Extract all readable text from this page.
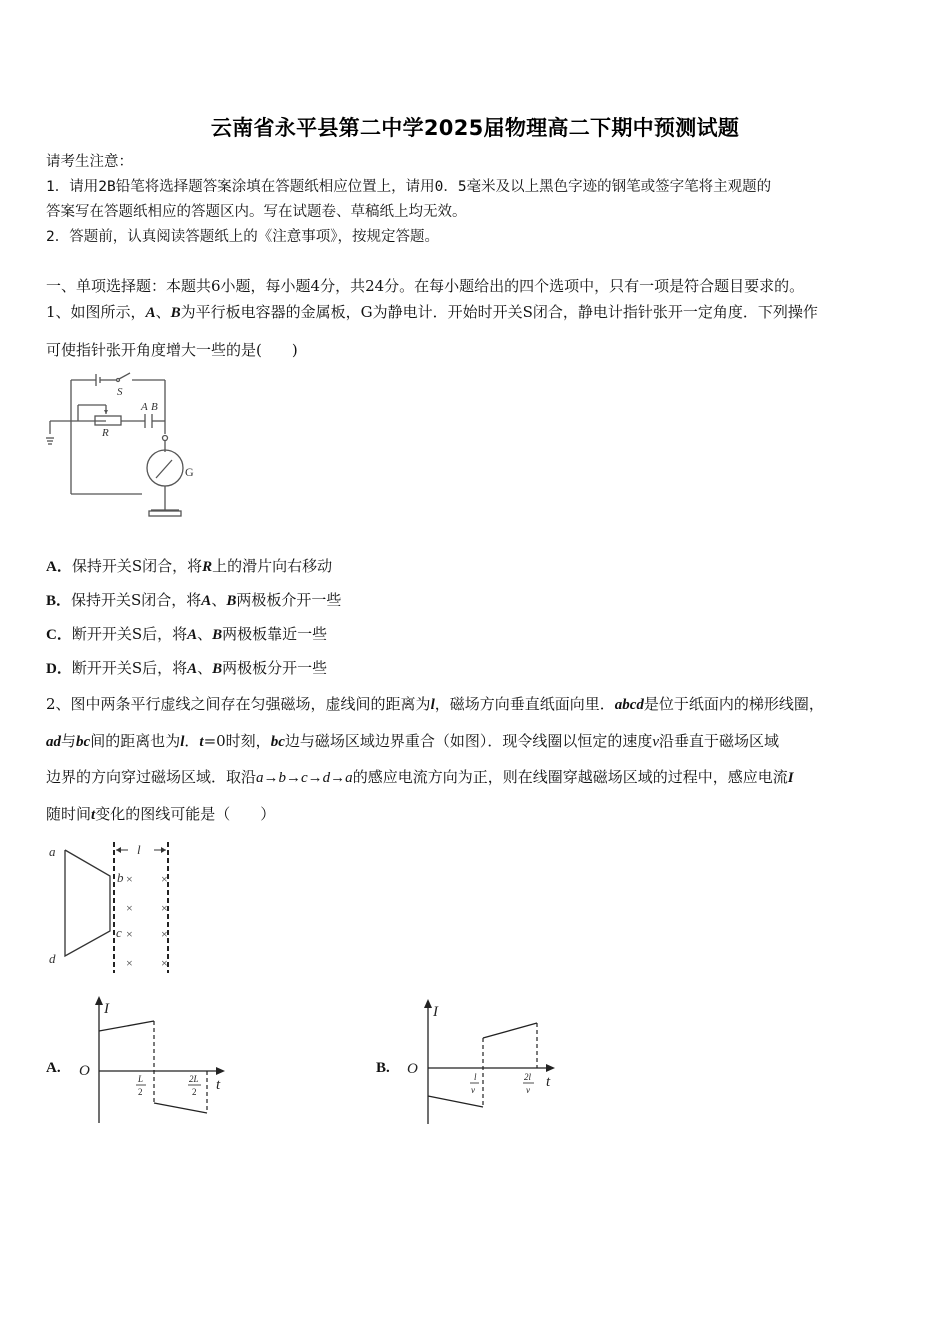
云南省永平县第二中学2025届物理高二下期中预测试题
请考生注意：
1．请用2B铅笔将选择题答案涂填在答题纸相应位置上，请用0．5毫米及以上黑色字迹的钢笔或签字笔将主观题的
答案写在答题纸相应的答题区内。写在试题卷、草稿纸上均无效。
2．答题前，认真阅读答题纸上的《注意事项》，按规定答题。
一、单项选择题：本题共6小题，每小题4分，共24分。在每小题给出的四个选项中，只有一项是符合题目要求的。
1、如图所示，A、B为平行板电容器的金属板，G为静电计．开始时开关S闭合，静电计指针张开一定角度．下列操作
可使指针张开角度增大一些的是(　　)
S
R
A B
G
A．保持开关S闭合，将R上的滑片向右移动
B．保持开关S闭合，将A、B两极板介开一些
C．断开开关S后，将A、B两极板靠近一些
D．断开开关S后，将A、B两极板分开一些
2、图中两条平行虚线之间存在匀强磁场，虚线间的距离为l，磁场方向垂直纸面向里．abcd是位于纸面内的梯形线圈，
ad与bc间的距离也为l．t=0时刻，bc边与磁场区域边界重合（如图）．现令线圈以恒定的速度v沿垂直于磁场区域
边界的方向穿过磁场区域．取沿a→b→c→d→a的感应电流方向为正，则在线圈穿越磁场区域的过程中，感应电流I
随时间t变化的图线可能是（　　）
l
a
b
c
d
× ×
× ×
× ×
× ×
A.
I
t
O	L
2
2L
2
B.
I
t
O	l
v
2l
v
